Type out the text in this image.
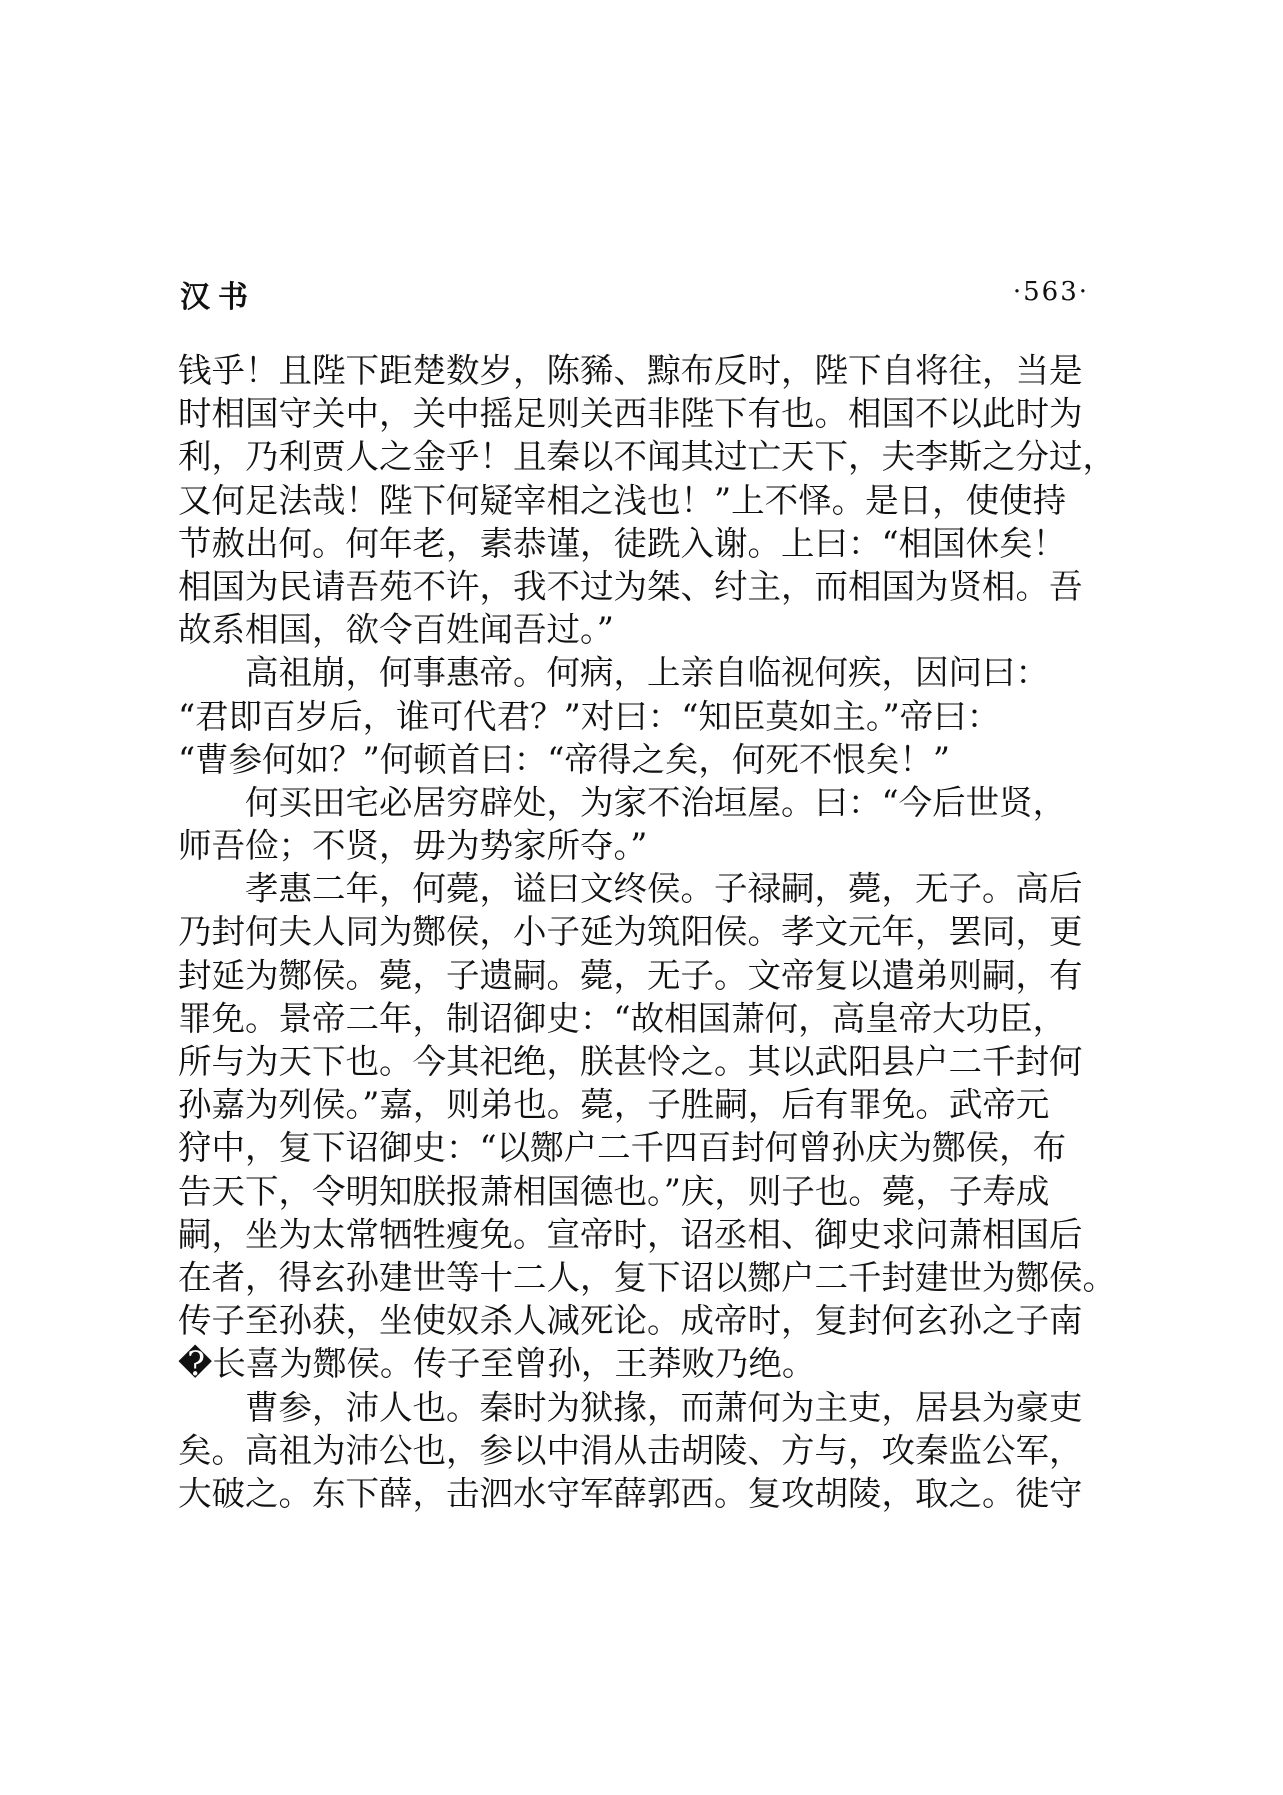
汉书	·563·
钱乎！且陛下距楚数岁，陈豨、黥布反时，陛下自将往，当是
时相国守关中，关中摇足则关西非陛下有也。相国不以此时为
利，乃利贾人之金乎！且秦以不闻其过亡天下，夫李斯之分过，
又何足法哉！陛下何疑宰相之浅也！”上不怿。是日，使使持
节赦出何。何年老，素恭谨，徒跣入谢。上曰：“相国休矣！
相国为民请吾苑不许，我不过为桀、纣主，而相国为贤相。吾
故系相国，欲令百姓闻吾过。”
高祖崩，何事惠帝。何病，上亲自临视何疾，因问曰：
“君即百岁后，谁可代君？”对曰：“知臣莫如主。”帝曰：
“曹参何如？”何顿首曰：“帝得之矣，何死不恨矣！”
何买田宅必居穷辟处，为家不治垣屋。曰：“今后世贤，
师吾俭；不贤，毋为势家所夺。”
孝惠二年，何薨，谥曰文终侯。子禄嗣，薨，无子。高后
乃封何夫人同为酂侯，小子延为筑阳侯。孝文元年，罢同，更
封延为酂侯。薨，子遗嗣。薨，无子。文帝复以遣弟则嗣，有
罪免。景帝二年，制诏御史：“故相国萧何，高皇帝大功臣，
所与为天下也。今其祀绝，朕甚怜之。其以武阳县户二千封何
孙嘉为列侯。”嘉，则弟也。薨，子胜嗣，后有罪免。武帝元
狩中，复下诏御史：“以酂户二千四百封何曾孙庆为酂侯，布
告天下，令明知朕报萧相国德也。”庆，则子也。薨，子寿成
嗣，坐为太常牺牲瘦免。宣帝时，诏丞相、御史求问萧相国后
在者，得玄孙建世等十二人，复下诏以酂户二千封建世为酂侯。
传子至孙获，坐使奴杀人减死论。成帝时，复封何玄孙之子南
�长喜为酂侯。传子至曾孙，王莽败乃绝。
曹参，沛人也。秦时为狱掾，而萧何为主吏，居县为豪吏
矣。高祖为沛公也，参以中涓从击胡陵、方与，攻秦监公军，
大破之。东下薛，击泗水守军薛郭西。复攻胡陵，取之。徙守
